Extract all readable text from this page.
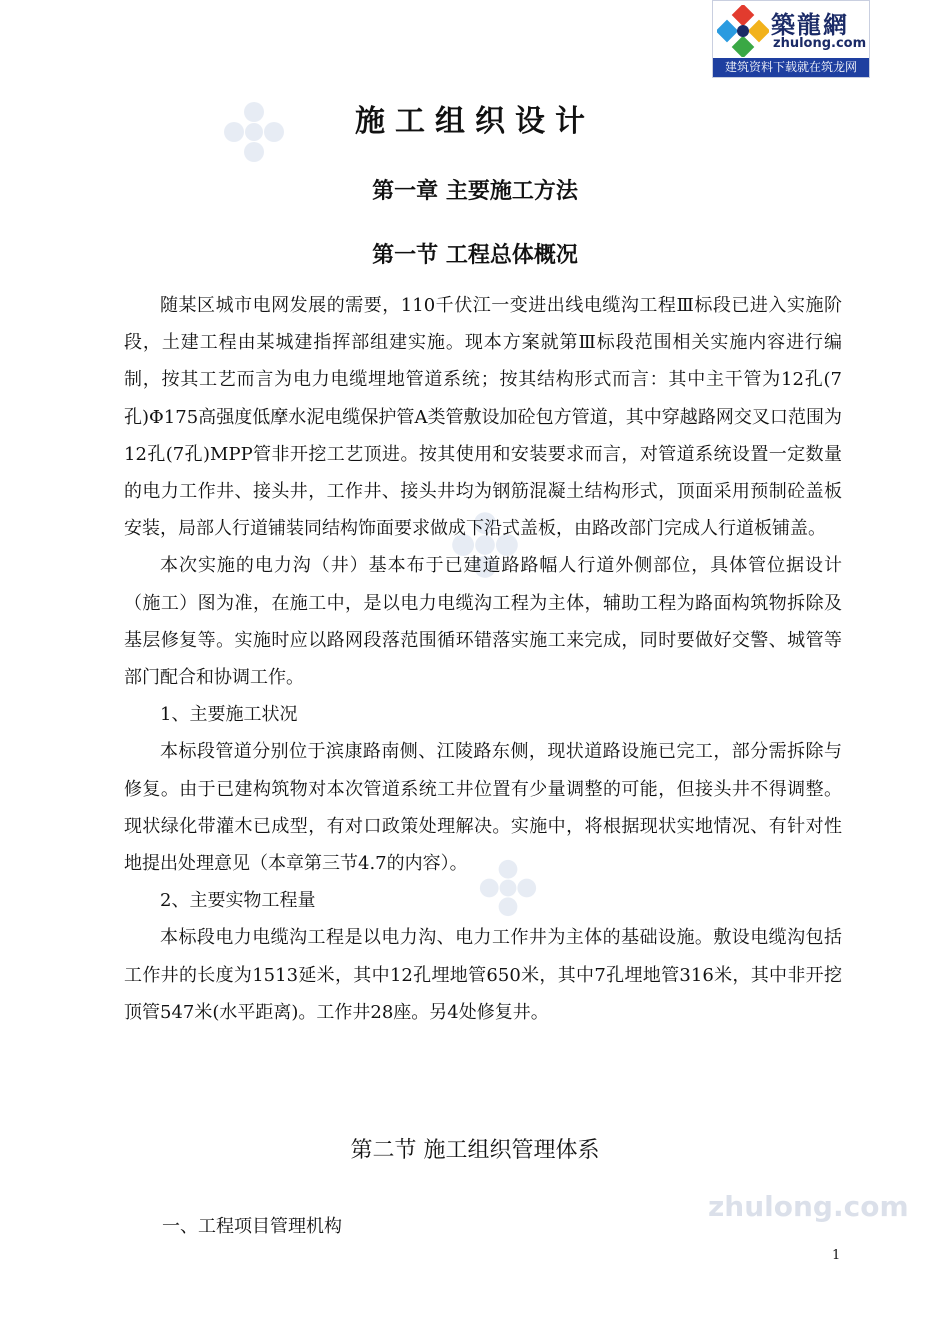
築龍網
zhulong.com
建筑资料下载就在筑龙网
zhulong.com
施工组织设计
第一章 主要施工方法
第一节 工程总体概况

随某区城市电网发展的需要，110千伏江一变进出线电缆沟工程Ⅲ标段已进入实施阶段，土建工程由某城建指挥部组建实施。现本方案就第Ⅲ标段范围相关实施内容进行编制，按其工艺而言为电力电缆埋地管道系统；按其结构形式而言：其中主干管为12孔(7孔)Φ175高强度低摩水泥电缆保护管A类管敷设加砼包方管道，其中穿越路网交叉口范围为12孔(7孔)MPP管非开挖工艺顶进。按其使用和安装要求而言，对管道系统设置一定数量的电力工作井、接头井，工作井、接头井均为钢筋混凝土结构形式，顶面采用预制砼盖板安装，局部人行道铺装同结构饰面要求做成下沿式盖板，由路改部门完成人行道板铺盖。

本次实施的电力沟（井）基本布于已建道路路幅人行道外侧部位，具体管位据设计（施工）图为准，在施工中，是以电力电缆沟工程为主体，辅助工程为路面构筑物拆除及基层修复等。实施时应以路网段落范围循环错落实施工来完成，同时要做好交警、城管等部门配合和协调工作。

1、主要施工状况

本标段管道分别位于滨康路南侧、江陵路东侧，现状道路设施已完工，部分需拆除与修复。由于已建构筑物对本次管道系统工井位置有少量调整的可能，但接头井不得调整。现状绿化带灌木已成型，有对口政策处理解决。实施中，将根据现状实地情况、有针对性地提出处理意见（本章第三节4.7的内容）。

2、主要实物工程量

本标段电力电缆沟工程是以电力沟、电力工作井为主体的基础设施。敷设电缆沟包括工作井的长度为1513延米，其中12孔埋地管650米，其中7孔埋地管316米，其中非开挖顶管547米(水平距离)。工作井28座。另4处修复井。

第二节 施工组织管理体系
一、工程项目管理机构
1
